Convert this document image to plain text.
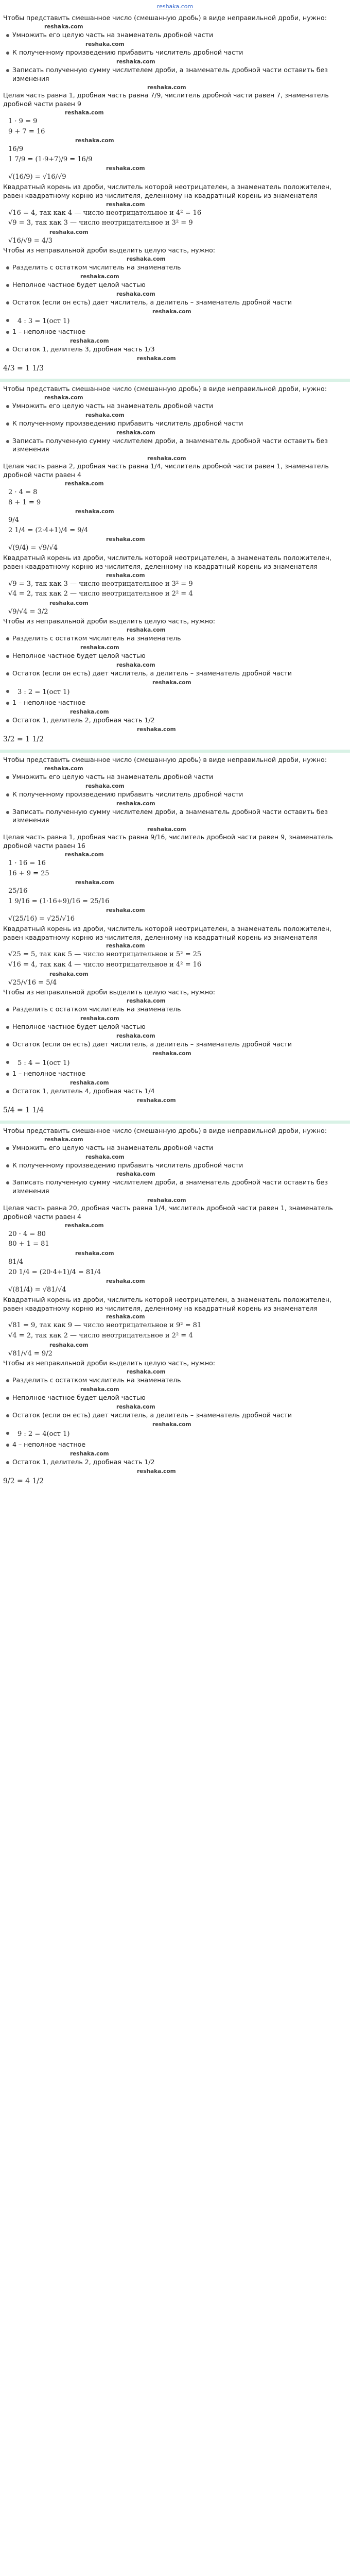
reshaka.com
Чтобы представить смешанное число (смешанную дробь) в виде неправильной дроби, нужно:
reshaka.com
Умножить его целую часть на знаменатель дробной части
reshaka.com
К полученному произведению прибавить числитель дробной части
reshaka.com
Записать полученную сумму числителем дроби, а знаменатель дробной части оставить без изменения
reshaka.com
Целая часть равна 1, дробная часть равна 7/9, числитель дробной части равен 7, знаменатель дробной части равен 9
reshaka.com
1 · 9 = 9
9 + 7 = 16
reshaka.com
16/9
1 7/9 = (1·9+7)/9 = 16/9
reshaka.com
√(16/9) = √16/√9
Квадратный корень из дроби, числитель которой неотрицателен, а знаменатель положителен, равен квадратному корню из числителя, деленному на квадратный корень из знаменателя
reshaka.com
√16 = 4, так как 4 — число неотрицательное и 4² = 16
√9 = 3, так как 3 — число неотрицательное и 3² = 9
reshaka.com
√16/√9 = 4/3
Чтобы из неправильной дроби выделить целую часть, нужно:
reshaka.com
Разделить с остатком числитель на знаменатель
reshaka.com
Неполное частное будет целой частью
reshaka.com
Остаток (если он есть) дает числитель, а делитель – знаменатель дробной части
reshaka.com
4 : 3 = 1(ост 1)
1 – неполное частное
reshaka.com
Остаток 1, делитель 3, дробная часть 1/3
reshaka.com
4/3 = 1 1/3
Чтобы представить смешанное число (смешанную дробь) в виде неправильной дроби, нужно:
reshaka.com
Умножить его целую часть на знаменатель дробной части
reshaka.com
К полученному произведению прибавить числитель дробной части
reshaka.com
Записать полученную сумму числителем дроби, а знаменатель дробной части оставить без изменения
reshaka.com
Целая часть равна 2, дробная часть равна 1/4, числитель дробной части равен 1, знаменатель дробной части равен 4
reshaka.com
2 · 4 = 8
8 + 1 = 9
reshaka.com
9/4
2 1/4 = (2·4+1)/4 = 9/4
reshaka.com
√(9/4) = √9/√4
Квадратный корень из дроби, числитель которой неотрицателен, а знаменатель положителен, равен квадратному корню из числителя, деленному на квадратный корень из знаменателя
reshaka.com
√9 = 3, так как 3 — число неотрицательное и 3² = 9
√4 = 2, так как 2 — число неотрицательное и 2² = 4
reshaka.com
√9/√4 = 3/2
Чтобы из неправильной дроби выделить целую часть, нужно:
reshaka.com
Разделить с остатком числитель на знаменатель
reshaka.com
Неполное частное будет целой частью
reshaka.com
Остаток (если он есть) дает числитель, а делитель – знаменатель дробной части
reshaka.com
3 : 2 = 1(ост 1)
1 – неполное частное
reshaka.com
Остаток 1, делитель 2, дробная часть 1/2
reshaka.com
3/2 = 1 1/2
Чтобы представить смешанное число (смешанную дробь) в виде неправильной дроби, нужно:
reshaka.com
Умножить его целую часть на знаменатель дробной части
reshaka.com
К полученному произведению прибавить числитель дробной части
reshaka.com
Записать полученную сумму числителем дроби, а знаменатель дробной части оставить без изменения
reshaka.com
Целая часть равна 1, дробная часть равна 9/16, числитель дробной части равен 9, знаменатель дробной части равен 16
reshaka.com
1 · 16 = 16
16 + 9 = 25
reshaka.com
25/16
1 9/16 = (1·16+9)/16 = 25/16
reshaka.com
√(25/16) = √25/√16
Квадратный корень из дроби, числитель которой неотрицателен, а знаменатель положителен, равен квадратному корню из числителя, деленному на квадратный корень из знаменателя
reshaka.com
√25 = 5, так как 5 — число неотрицательное и 5² = 25
√16 = 4, так как 4 — число неотрицательное и 4² = 16
reshaka.com
√25/√16 = 5/4
Чтобы из неправильной дроби выделить целую часть, нужно:
reshaka.com
Разделить с остатком числитель на знаменатель
reshaka.com
Неполное частное будет целой частью
reshaka.com
Остаток (если он есть) дает числитель, а делитель – знаменатель дробной части
reshaka.com
5 : 4 = 1(ост 1)
1 – неполное частное
reshaka.com
Остаток 1, делитель 4, дробная часть 1/4
reshaka.com
5/4 = 1 1/4
Чтобы представить смешанное число (смешанную дробь) в виде неправильной дроби, нужно:
reshaka.com
Умножить его целую часть на знаменатель дробной части
reshaka.com
К полученному произведению прибавить числитель дробной части
reshaka.com
Записать полученную сумму числителем дроби, а знаменатель дробной части оставить без изменения
reshaka.com
Целая часть равна 20, дробная часть равна 1/4, числитель дробной части равен 1, знаменатель дробной части равен 4
reshaka.com
20 · 4 = 80
80 + 1 = 81
reshaka.com
81/4
20 1/4 = (20·4+1)/4 = 81/4
reshaka.com
√(81/4) = √81/√4
Квадратный корень из дроби, числитель которой неотрицателен, а знаменатель положителен, равен квадратному корню из числителя, деленному на квадратный корень из знаменателя
reshaka.com
√81 = 9, так как 9 — число неотрицательное и 9² = 81
√4 = 2, так как 2 — число неотрицательное и 2² = 4
reshaka.com
√81/√4 = 9/2
Чтобы из неправильной дроби выделить целую часть, нужно:
reshaka.com
Разделить с остатком числитель на знаменатель
reshaka.com
Неполное частное будет целой частью
reshaka.com
Остаток (если он есть) дает числитель, а делитель – знаменатель дробной части
reshaka.com
9 : 2 = 4(ост 1)
4 – неполное частное
reshaka.com
Остаток 1, делитель 2, дробная часть 1/2
reshaka.com
9/2 = 4 1/2
